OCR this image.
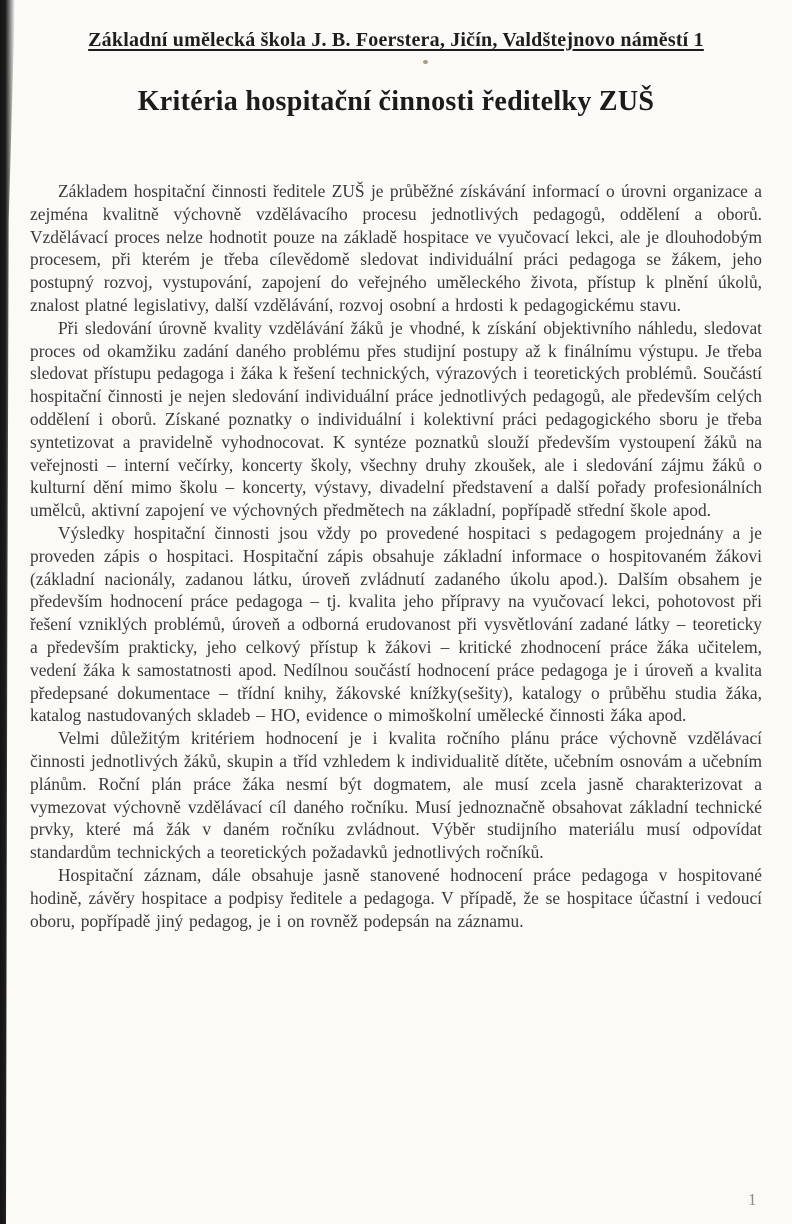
Základní umělecká škola J. B. Foerstera, Jičín, Valdštejnovo náměstí 1
Kritéria hospitační činnosti ředitelky ZUŠ

Základem hospitační činnosti ředitele ZUŠ je průběžné získávání informací o úrovni organizace a zejména kvalitně výchovně vzdělávacího procesu jednotlivých pedagogů, oddělení a oborů. Vzdělávací proces nelze hodnotit pouze na základě hospitace ve vyučovací lekci, ale je dlouhodobým procesem, při kterém je třeba cílevědomě sledovat individuální práci pedagoga se žákem, jeho postupný rozvoj, vystupování, zapojení do veřejného uměleckého života, přístup k plnění úkolů, znalost platné legislativy, další vzdělávání, rozvoj osobní a hrdosti k pedagogickému stavu.

Při sledování úrovně kvality vzdělávání žáků je vhodné, k získání objektivního náhledu, sledovat proces od okamžiku zadání daného problému přes studijní postupy až k finálnímu výstupu. Je třeba sledovat přístupu pedagoga i žáka k řešení technických, výrazových i teoretických problémů. Součástí hospitační činnosti je nejen sledování individuální práce jednotlivých pedagogů, ale především celých oddělení i oborů. Získané poznatky o individuální i kolektivní práci pedagogického sboru je třeba syntetizovat a pravidelně vyhodnocovat. K syntéze poznatků slouží především vystoupení žáků na veřejnosti – interní večírky, koncerty školy, všechny druhy zkoušek, ale i sledování zájmu žáků o kulturní dění mimo školu – koncerty, výstavy, divadelní představení a další pořady profesionálních umělců, aktivní zapojení ve výchovných předmětech na základní, popřípadě střední škole apod.

Výsledky hospitační činnosti jsou vždy po provedené hospitaci s pedagogem projednány a je proveden zápis o hospitaci. Hospitační zápis obsahuje základní informace o hospitovaném žákovi (základní nacionály, zadanou látku, úroveň zvládnutí zadaného úkolu apod.). Dalším obsahem je především hodnocení práce pedagoga – tj. kvalita jeho přípravy na vyučovací lekci, pohotovost při řešení vzniklých problémů, úroveň a odborná erudovanost při vysvětlování zadané látky – teoreticky a především prakticky, jeho celkový přístup k žákovi – kritické zhodnocení práce žáka učitelem, vedení žáka k samostatnosti apod. Nedílnou součástí hodnocení práce pedagoga je i úroveň a kvalita předepsané dokumentace – třídní knihy, žákovské knížky(sešity), katalogy o průběhu studia žáka, katalog nastudovaných skladeb – HO, evidence o mimoškolní umělecké činnosti žáka apod.

Velmi důležitým kritériem hodnocení je i kvalita ročního plánu práce výchovně vzdělávací činnosti jednotlivých žáků, skupin a tříd vzhledem k individualitě dítěte, učebním osnovám a učebním plánům. Roční plán práce žáka nesmí být dogmatem, ale musí zcela jasně charakterizovat a vymezovat výchovně vzdělávací cíl daného ročníku. Musí jednoznačně obsahovat základní technické prvky, které má žák v daném ročníku zvládnout. Výběr studijního materiálu musí odpovídat standardům technických a teoretických požadavků jednotlivých ročníků.

Hospitační záznam, dále obsahuje jasně stanovené hodnocení práce pedagoga v hospitované hodině, závěry hospitace a podpisy ředitele a pedagoga. V případě, že se hospitace účastní i vedoucí oboru, popřípadě jiný pedagog, je i on rovněž podepsán na záznamu.

1
